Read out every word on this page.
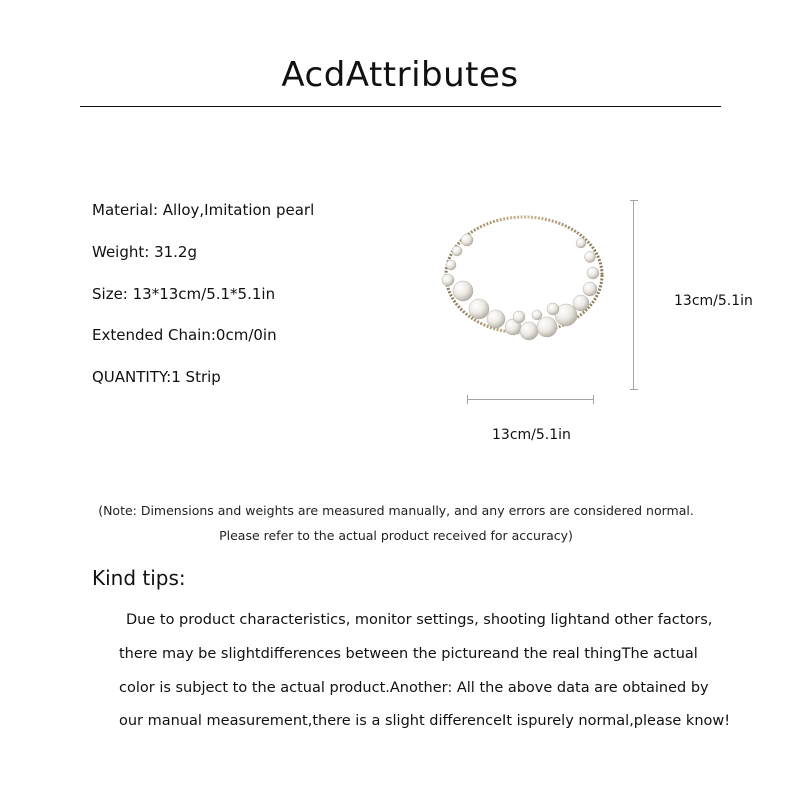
AcdAttributes
Material: Alloy,Imitation pearl
Weight: 31.2g
Size: 13*13cm/5.1*5.1in
Extended Chain:0cm/0in
QUANTITY:1 Strip
13cm/5.1in
13cm/5.1in
(Note: Dimensions and weights are measured manually, and any errors are considered normal.
Please refer to the actual product received for accuracy)
Kind tips:
Due to product characteristics, monitor settings, shooting lightand other factors,
there may be slightdifferences between the pictureand the real thingThe actual
color is subject to the actual product.Another: All the above data are obtained by
our manual measurement,there is a slight differenceIt ispurely normal,please know!
